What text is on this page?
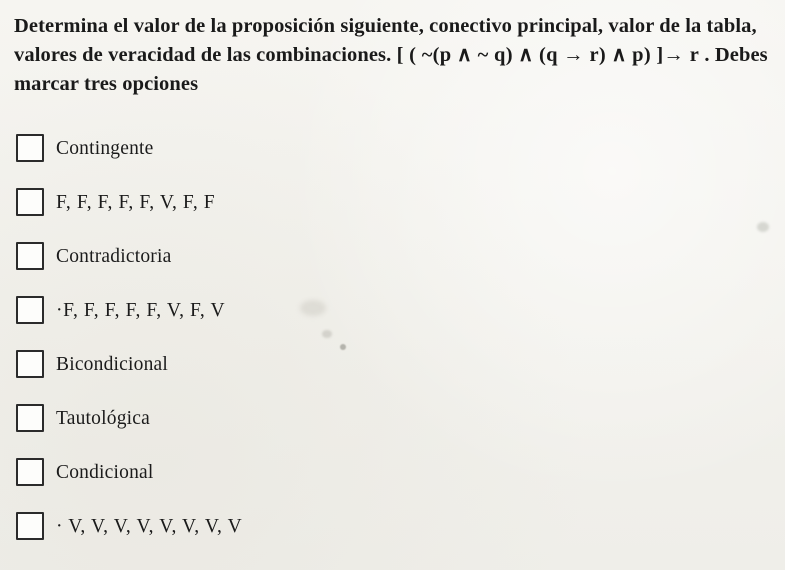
Determina el valor de la proposición siguiente, conectivo principal, valor de la tabla, valores de veracidad de las combinaciones. [ ( ~(p ∧ ~ q) ∧ (q → r) ∧ p) ]→ r . Debes marcar tres opciones
Contingente
F, F, F, F, F, V, F, F
Contradictoria
·F, F, F, F, F, V, F, V
Bicondicional
Tautológica
Condicional
· V, V, V, V, V, V, V, V
